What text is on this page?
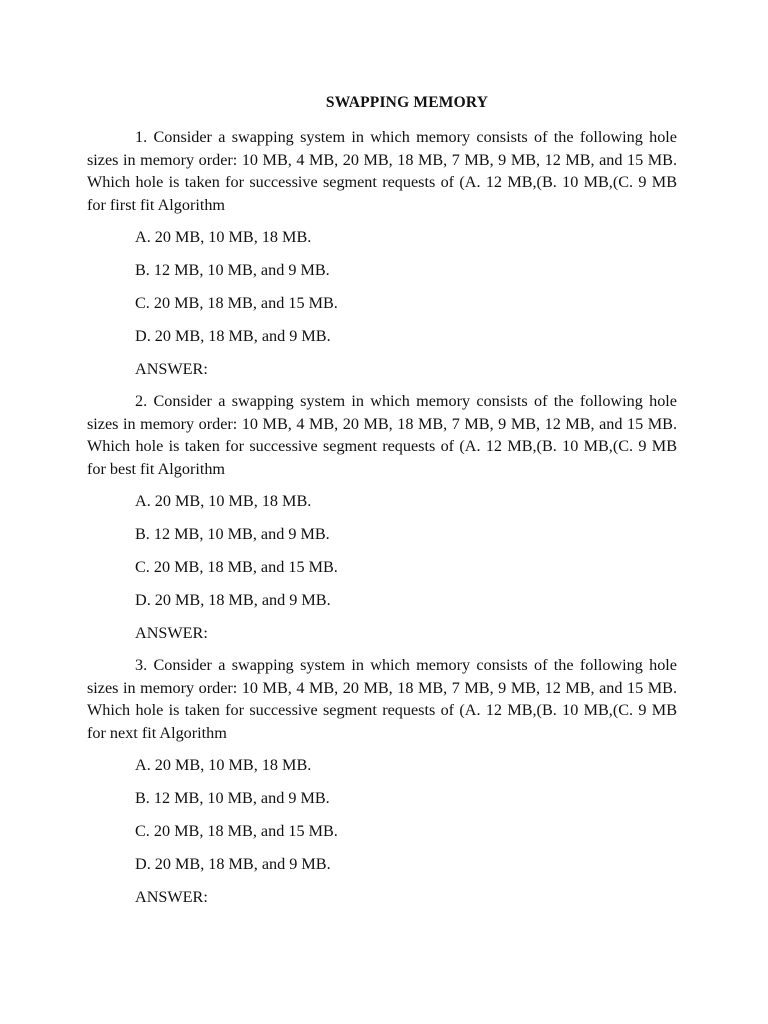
SWAPPING MEMORY
1. Consider a swapping system in which memory consists of the following hole sizes in memory order: 10 MB, 4 MB, 20 MB, 18 MB, 7 MB, 9 MB, 12 MB, and 15 MB. Which hole is taken for successive segment requests of (A. 12 MB,(B. 10 MB,(C. 9 MB for first fit Algorithm
A. 20 MB, 10 MB, 18 MB.
B. 12 MB, 10 MB, and 9 MB.
C. 20 MB, 18 MB, and 15 MB.
D. 20 MB, 18 MB, and 9 MB.
ANSWER:
2. Consider a swapping system in which memory consists of the following hole sizes in memory order: 10 MB, 4 MB, 20 MB, 18 MB, 7 MB, 9 MB, 12 MB, and 15 MB. Which hole is taken for successive segment requests of (A. 12 MB,(B. 10 MB,(C. 9 MB for best fit Algorithm
A. 20 MB, 10 MB, 18 MB.
B. 12 MB, 10 MB, and 9 MB.
C. 20 MB, 18 MB, and 15 MB.
D. 20 MB, 18 MB, and 9 MB.
ANSWER:
3. Consider a swapping system in which memory consists of the following hole sizes in memory order: 10 MB, 4 MB, 20 MB, 18 MB, 7 MB, 9 MB, 12 MB, and 15 MB. Which hole is taken for successive segment requests of (A. 12 MB,(B. 10 MB,(C. 9 MB for next fit Algorithm
A. 20 MB, 10 MB, 18 MB.
B. 12 MB, 10 MB, and 9 MB.
C. 20 MB, 18 MB, and 15 MB.
D. 20 MB, 18 MB, and 9 MB.
ANSWER:
